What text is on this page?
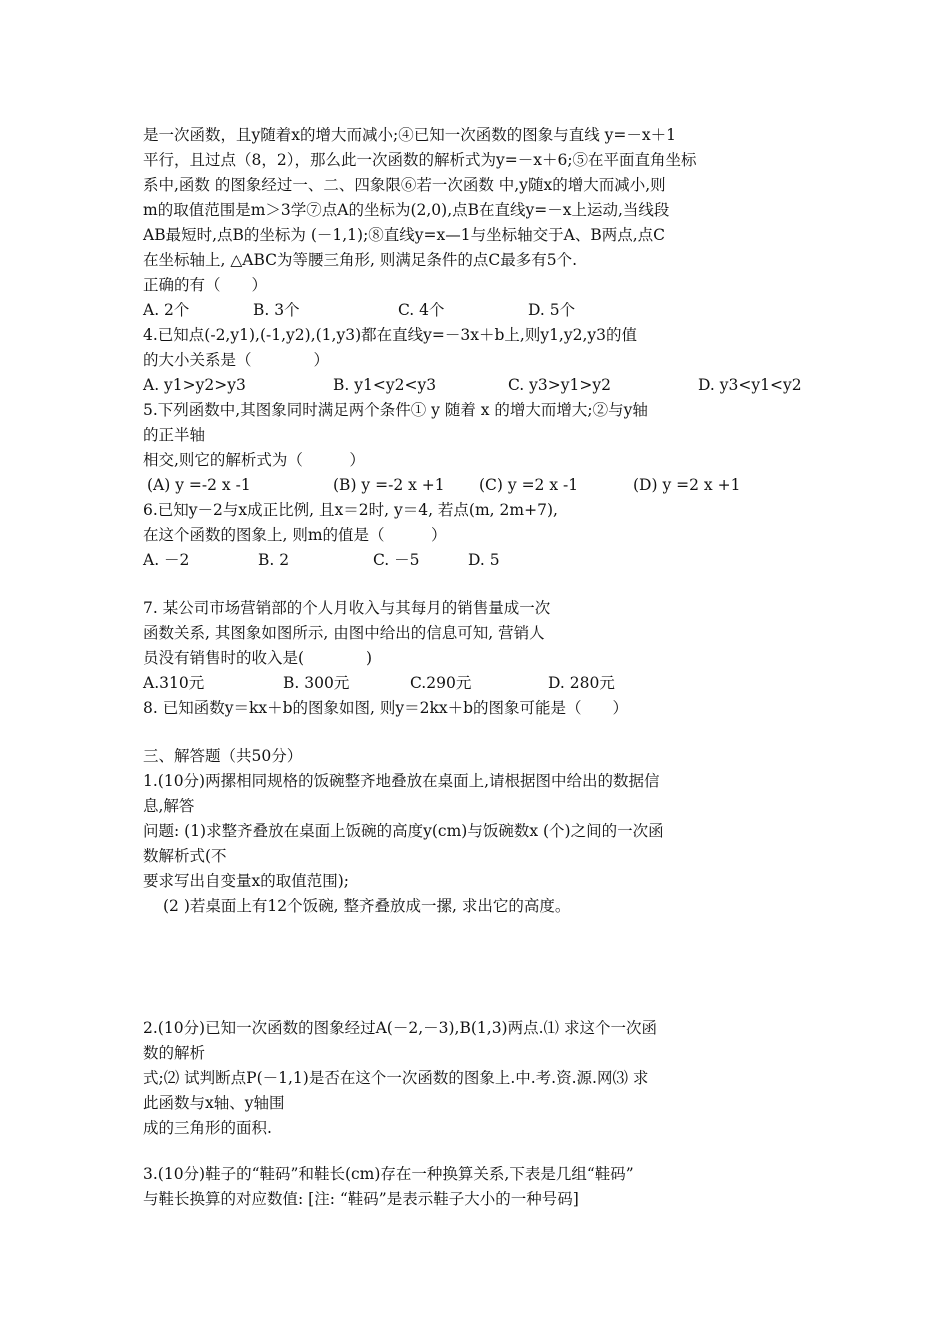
是一次函数，且y随着x的增大而减小;④已知一次函数的图象与直线 y=－x＋1
平行，且过点（8，2），那么此一次函数的解析式为y=－x＋6;⑤在平面直角坐标
系中,函数 的图象经过一、二、四象限⑥若一次函数 中,y随x的增大而减小,则
m的取值范围是m＞3学⑦点A的坐标为(2,0),点B在直线y=－x上运动,当线段
AB最短时,点B的坐标为 (－1,1);⑧直线y=x—1与坐标轴交于A、B两点,点C
在坐标轴上, △ABC为等腰三角形, 则满足条件的点C最多有5个.
正确的有（　　）
A. 2个	B. 3个	C. 4个	D. 5个
4.已知点(-2,y1),(-1,y2),(1,y3)都在直线y=－3x＋b上,则y1,y2,y3的值
的大小关系是（　　　　）
A. y1>y2>y3	B. y1<y2<y3	C. y3>y1>y2	D. y3<y1<y2
5.下列函数中,其图象同时满足两个条件① y 随着 x 的增大而增大;②与y轴
的正半轴
相交,则它的解析式为（　　　）
(A) y =-2 x -1	(B) y =-2 x +1 (C) y =2 x -1	(D) y =2 x +1
6.已知y－2与x成正比例, 且x＝2时, y＝4, 若点(m, 2m+7),
在这个函数的图象上, 则m的值是（　　　）
A. －2	B. 2	C. －5	D. 5
7. 某公司市场营销部的个人月收入与其每月的销售量成一次
函数关系, 其图象如图所示, 由图中给出的信息可知, 营销人
员没有销售时的收入是(　　　　)
A.310元	B. 300元	C.290元	D. 280元
8. 已知函数y＝kx＋b的图象如图, 则y＝2kx＋b的图象可能是（　　）
三、解答题（共50分）
1.(10分)两摞相同规格的饭碗整齐地叠放在桌面上,请根据图中给出的数据信
息,解答
问题: (1)求整齐叠放在桌面上饭碗的高度y(cm)与饭碗数x (个)之间的一次函
数解析式(不
要求写出自变量x的取值范围);
(2 )若桌面上有12个饭碗, 整齐叠放成一摞, 求出它的高度。
2.(10分)已知一次函数的图象经过A(－2,－3),B(1,3)两点.⑴ 求这个一次函
数的解析
式;⑵ 试判断点P(－1,1)是否在这个一次函数的图象上.中.考.资.源.网⑶ 求
此函数与x轴、y轴围
成的三角形的面积.
3.(10分)鞋子的“鞋码”和鞋长(cm)存在一种换算关系,下表是几组“鞋码”
与鞋长换算的对应数值: [注: “鞋码”是表示鞋子大小的一种号码]
